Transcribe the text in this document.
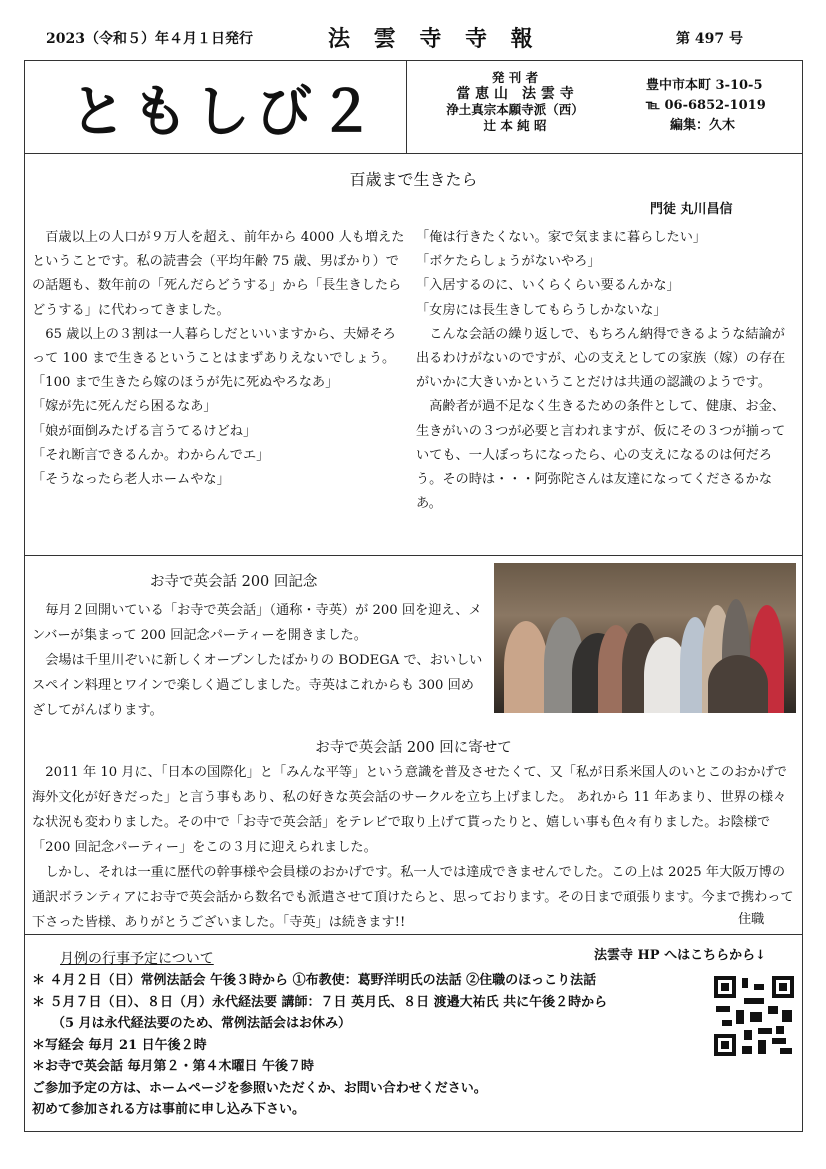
2023（令和５）年４月１日発行	法 雲 寺 寺 報	第 497 号
ともしび２
発 刊 者
當 恵 山　法 雲 寺
浄土真宗本願寺派（西）
辻 本 純 昭
豊中市本町 3-10-5
℡ 06-6852-1019
編集：久木
百歳まで生きたら
門徒 丸川昌信

百歳以上の人口が９万人を超え、前年から 4000 人も増えたということです。私の読書会（平均年齢 75 歳、男ばかり）での話題も、数年前の「死んだらどうする」から「長生きしたらどうする」に代わってきました。

65 歳以上の３割は一人暮らしだといいますから、夫婦そろって 100 まで生きるということはまずありえないでしょう。

「100 まで生きたら嫁のほうが先に死ぬやろなあ」

「嫁が先に死んだら困るなあ」

「娘が面倒みたげる言うてるけどね」

「それ断言できるんか。わからんでエ」

「そうなったら老人ホームやな」

「俺は行きたくない。家で気ままに暮らしたい」

「ボケたらしょうがないやろ」

「入居するのに、いくらくらい要るんかな」

「女房には長生きしてもらうしかないな」

こんな会話の繰り返しで、もちろん納得できるような結論が出るわけがないのですが、心の支えとしての家族（嫁）の存在がいかに大きいかということだけは共通の認識のようです。

高齢者が過不足なく生きるための条件として、健康、お金、生きがいの３つが必要と言われますが、仮にその３つが揃っていても、一人ぼっちになったら、心の支えになるのは何だろう。その時は・・・阿弥陀さんは友達になってくださるかなあ。

お寺で英会話 200 回記念

毎月２回開いている「お寺で英会話」（通称・寺英）が 200 回を迎え、メンバーが集まって 200 回記念パーティーを開きました。

会場は千里川ぞいに新しくオープンしたばかりの BODEGA で、おいしいスペイン料理とワインで楽しく過ごしました。寺英はこれからも 300 回めざしてがんばります。

お寺で英会話 200 回に寄せて

2011 年 10 月に、「日本の国際化」と「みんな平等」という意識を普及させたくて、又「私が日系米国人のいとこのおかげで海外文化が好きだった」と言う事もあり、私の好きな英会話のサークルを立ち上げました。 あれから 11 年あまり、世界の様々な状況も変わりました。その中で「お寺で英会話」をテレビで取り上げて貰ったりと、嬉しい事も色々有りました。お陰様で「200 回記念パーティー」をこの３月に迎えられました。

しかし、それは一重に歴代の幹事様や会員様のおかげです。私一人では達成できませんでした。この上は 2025 年大阪万博の通訳ボランティアにお寺で英会話から数名でも派遣させて頂けたらと、思っております。その日まで頑張ります。今まで携わって下さった皆様、ありがとうございました。「寺英」は続きます!!	住職
月例の行事予定について	法雲寺 HP へはこちらから↓

＊ ４月２日（日）常例法話会 午後３時から ①布教使：葛野洋明氏の法話 ②住職のほっこり法話

＊ ５月７日（日）、８日（月）永代経法要 講師：７日 英月氏、８日 渡邉大祐氏 共に午後２時から

（5 月は永代経法要のため、常例法話会はお休み）

＊写経会 毎月 21 日午後２時

＊お寺で英会話 毎月第２・第４木曜日 午後７時

ご参加予定の方は、ホームページを参照いただくか、お問い合わせください。

初めて参加される方は事前に申し込み下さい。
